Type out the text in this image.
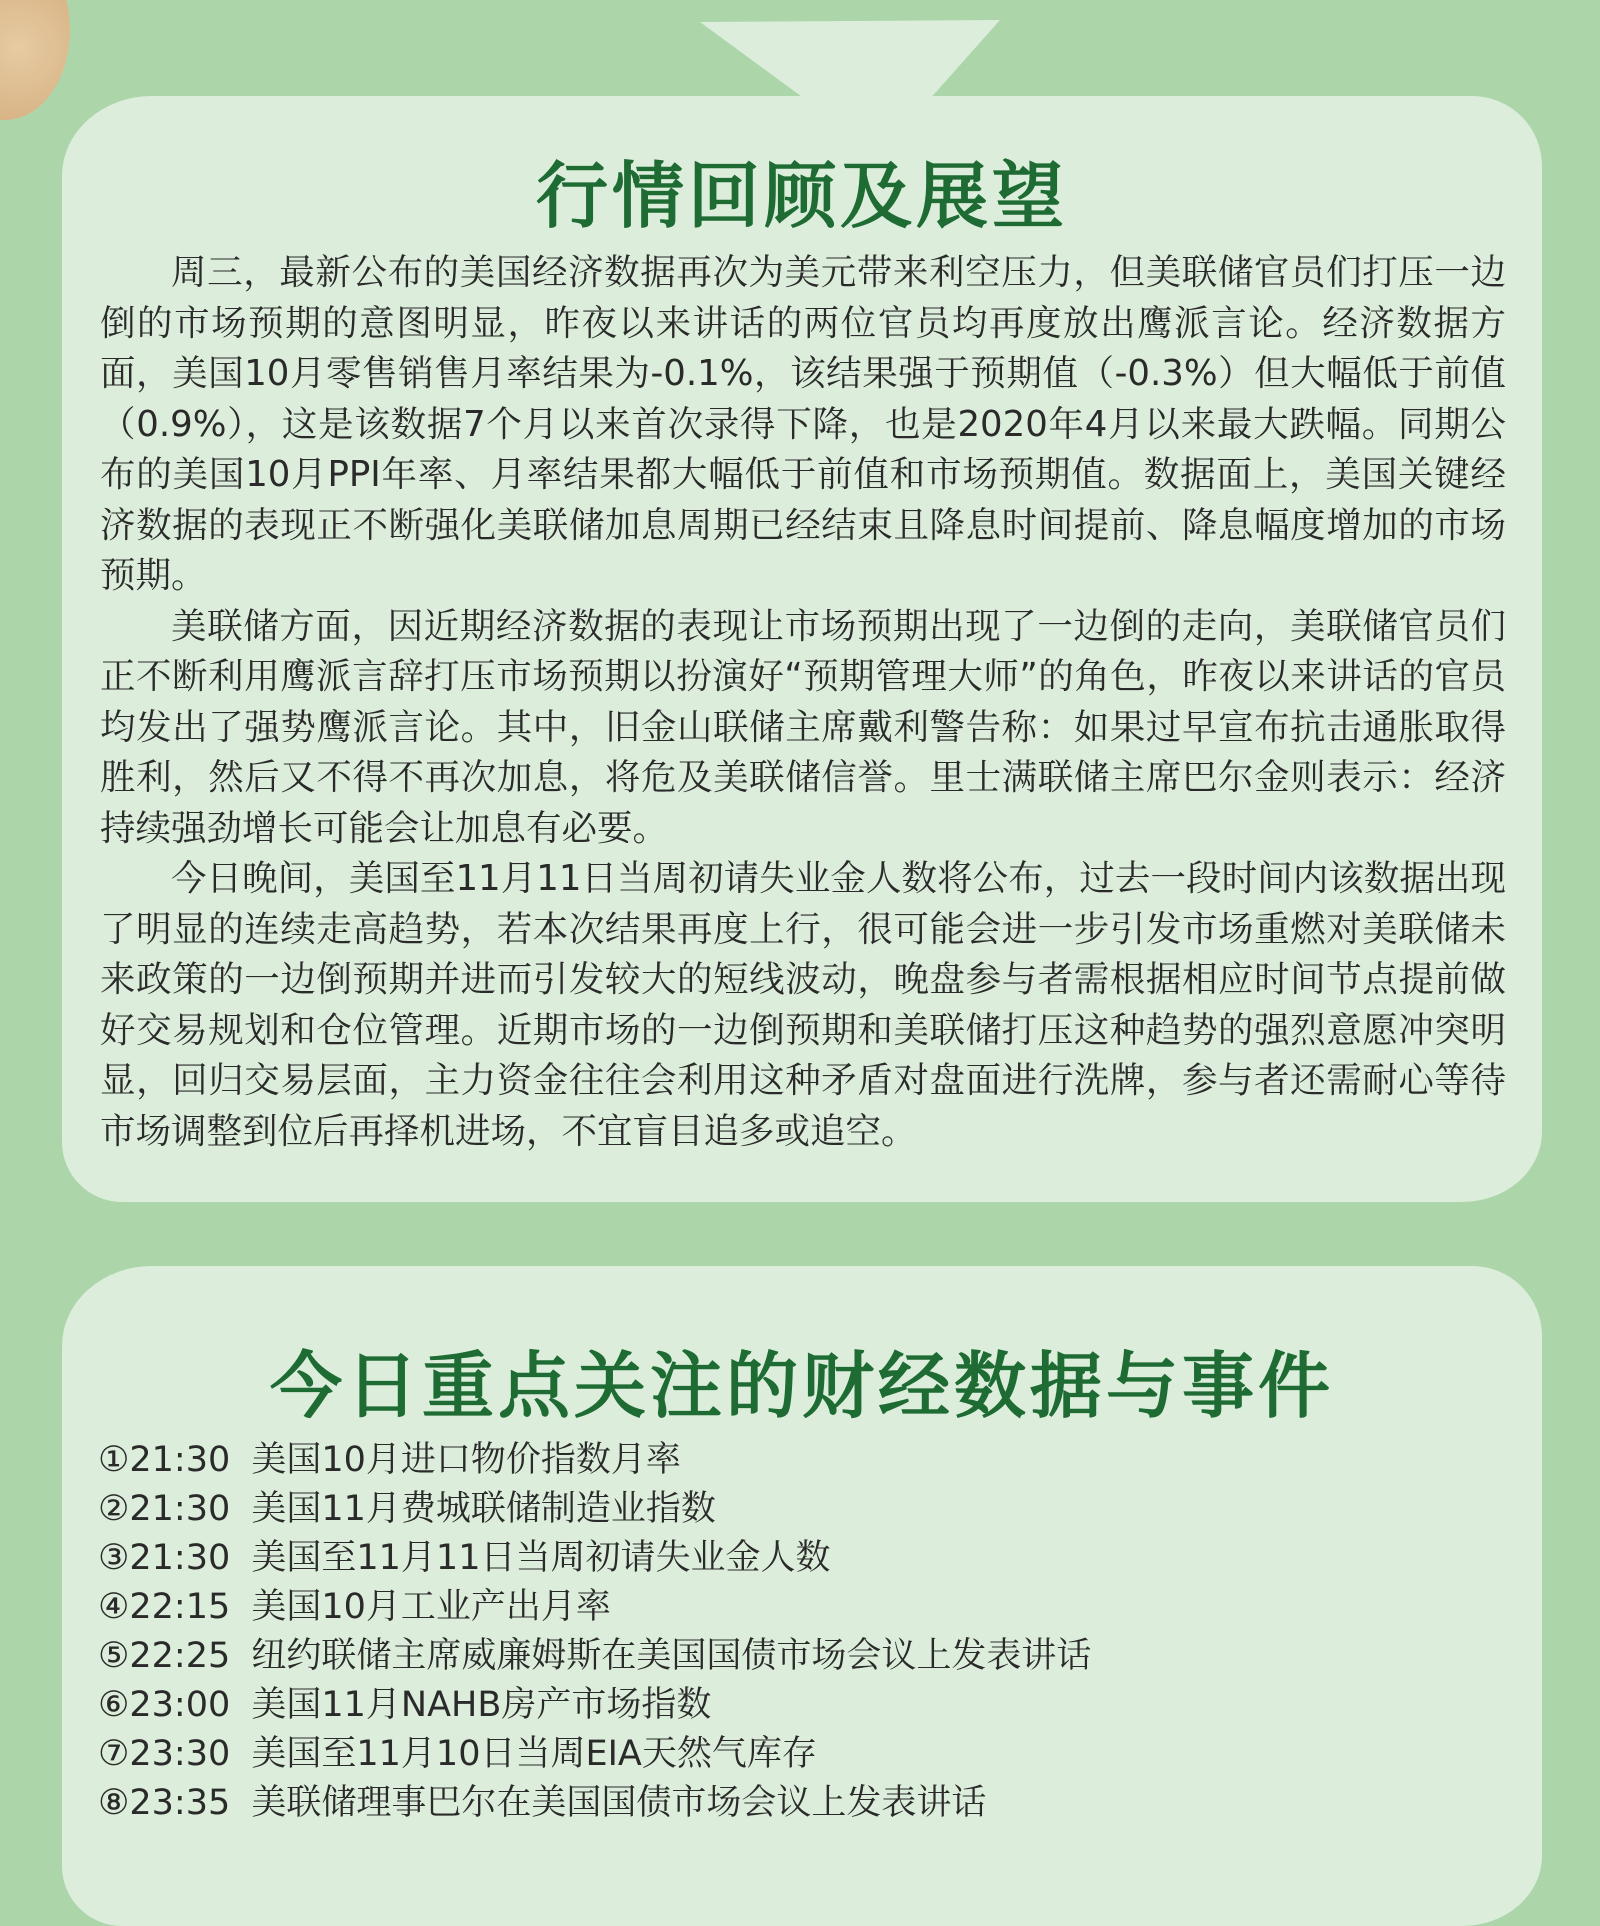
行情回顾及展望

周三，最新公布的美国经济数据再次为美元带来利空压力，但美联储官员们打压一边倒的市场预期的意图明显，昨夜以来讲话的两位官员均再度放出鹰派言论。经济数据方面，美国10月零售销售月率结果为-0.1%，该结果强于预期值（-0.3%）但大幅低于前值（0.9%），这是该数据7个月以来首次录得下降，也是2020年4月以来最大跌幅。同期公布的美国10月PPI年率、月率结果都大幅低于前值和市场预期值。数据面上，美国关键经济数据的表现正不断强化美联储加息周期已经结束且降息时间提前、降息幅度增加的市场预期。

美联储方面，因近期经济数据的表现让市场预期出现了一边倒的走向，美联储官员们正不断利用鹰派言辞打压市场预期以扮演好“预期管理大师”的角色，昨夜以来讲话的官员均发出了强势鹰派言论。其中，旧金山联储主席戴利警告称：如果过早宣布抗击通胀取得胜利，然后又不得不再次加息，将危及美联储信誉。里士满联储主席巴尔金则表示：经济持续强劲增长可能会让加息有必要。

今日晚间，美国至11月11日当周初请失业金人数将公布，过去一段时间内该数据出现了明显的连续走高趋势，若本次结果再度上行，很可能会进一步引发市场重燃对美联储未来政策的一边倒预期并进而引发较大的短线波动，晚盘参与者需根据相应时间节点提前做好交易规划和仓位管理。近期市场的一边倒预期和美联储打压这种趋势的强烈意愿冲突明显，回归交易层面，主力资金往往会利用这种矛盾对盘面进行洗牌，参与者还需耐心等待市场调整到位后再择机进场，不宜盲目追多或追空。

今日重点关注的财经数据与事件
①21:30 美国10月进口物价指数月率
②21:30 美国11月费城联储制造业指数
③21:30 美国至11月11日当周初请失业金人数
④22:15 美国10月工业产出月率
⑤22:25 纽约联储主席威廉姆斯在美国国债市场会议上发表讲话
⑥23:00 美国11月NAHB房产市场指数
⑦23:30 美国至11月10日当周EIA天然气库存
⑧23:35 美联储理事巴尔在美国国债市场会议上发表讲话
